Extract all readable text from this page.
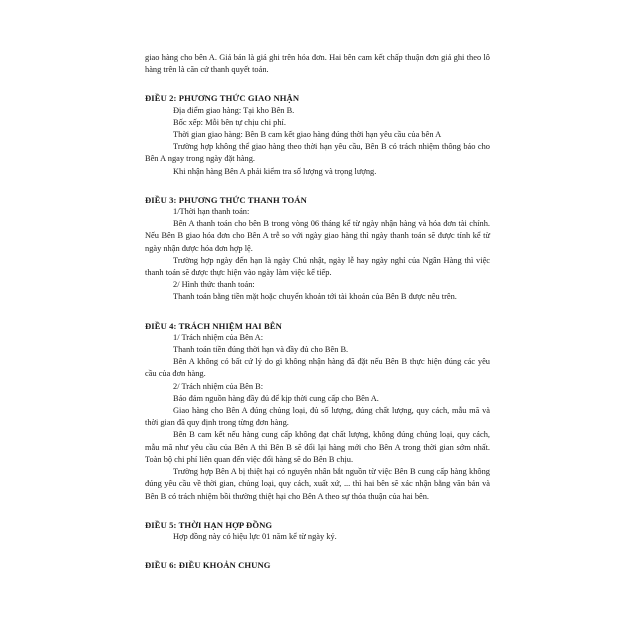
giao hàng cho bên A. Giá bán là giá ghi trên hóa đơn. Hai bên cam kết chấp thuận đơn giá ghi theo lô hàng trên là căn cứ thanh quyết toán.

ĐIỀU 2: PHƯƠNG THỨC GIAO NHẬN

Địa điểm giao hàng: Tại kho Bên B.

Bốc xếp: Mỗi bên tự chịu chi phí.

Thời gian giao hàng: Bên B cam kết giao hàng đúng thời hạn yêu cầu của bên A

Trường hợp không thể giao hàng theo thời hạn yêu cầu, Bên B có trách nhiệm thông báo cho Bên A ngay trong ngày đặt hàng.

Khi nhận hàng Bên A phải kiểm tra số lượng và trọng lượng.

ĐIỀU 3: PHƯƠNG THỨC THANH TOÁN

1/Thời hạn thanh toán:

Bên A thanh toán cho bên B trong vòng 06 tháng kể từ ngày nhận hàng và hóa đơn tài chính. Nếu Bên B giao hóa đơn cho Bên A trễ so với ngày giao hàng thì ngày thanh toán sẽ được tính kể từ ngày nhận được hóa đơn hợp lệ.

Trường hợp ngày đến hạn là ngày Chủ nhật, ngày lễ hay ngày nghỉ của Ngân Hàng thì việc thanh toán sẽ được thực hiện vào ngày làm việc kế tiếp.

2/ Hình thức thanh toán:

Thanh toán bằng tiền mặt hoặc chuyển khoản tới tài khoản của Bên B được nêu trên.

ĐIỀU 4: TRÁCH NHIỆM HAI BÊN

1/ Trách nhiệm của Bên A:

Thanh toán tiền đúng thời hạn và đầy đủ cho Bên B.

Bên A không có bất cứ lý do gì không nhận hàng đã đặt nếu Bên B thực hiện đúng các yêu cầu của đơn hàng.

2/ Trách nhiệm của Bên B:

Bảo đảm nguồn hàng đầy đủ để kịp thời cung cấp cho Bên A.

Giao hàng cho Bên A đúng chủng loại, đủ số lượng, đúng chất lượng, quy cách, mẫu mã và thời gian đã quy định trong từng đơn hàng.

Bên B cam kết nếu hàng cung cấp không đạt chất lượng, không đúng chủng loại, quy cách, mẫu mã như yêu cầu của Bên A thì Bên B sẽ đổi lại hàng mới cho Bên A trong thời gian sớm nhất. Toàn bộ chi phí liên quan đến việc đổi hàng sẽ do Bên B chịu.

Trường hợp Bên A bị thiệt hại có nguyên nhân bắt nguồn từ việc Bên B cung cấp hàng không đúng yêu cầu về thời gian, chủng loại, quy cách, xuất xứ, ... thì hai bên sẽ xác nhận bằng văn bản và Bên B có trách nhiệm bồi thường thiệt hại cho Bên A theo sự thỏa thuận của hai bên.

ĐIỀU 5: THỜI HẠN HỢP ĐỒNG

Hợp đồng này có hiệu lực 01 năm kể từ ngày ký.

ĐIỀU 6: ĐIỀU KHOẢN CHUNG
